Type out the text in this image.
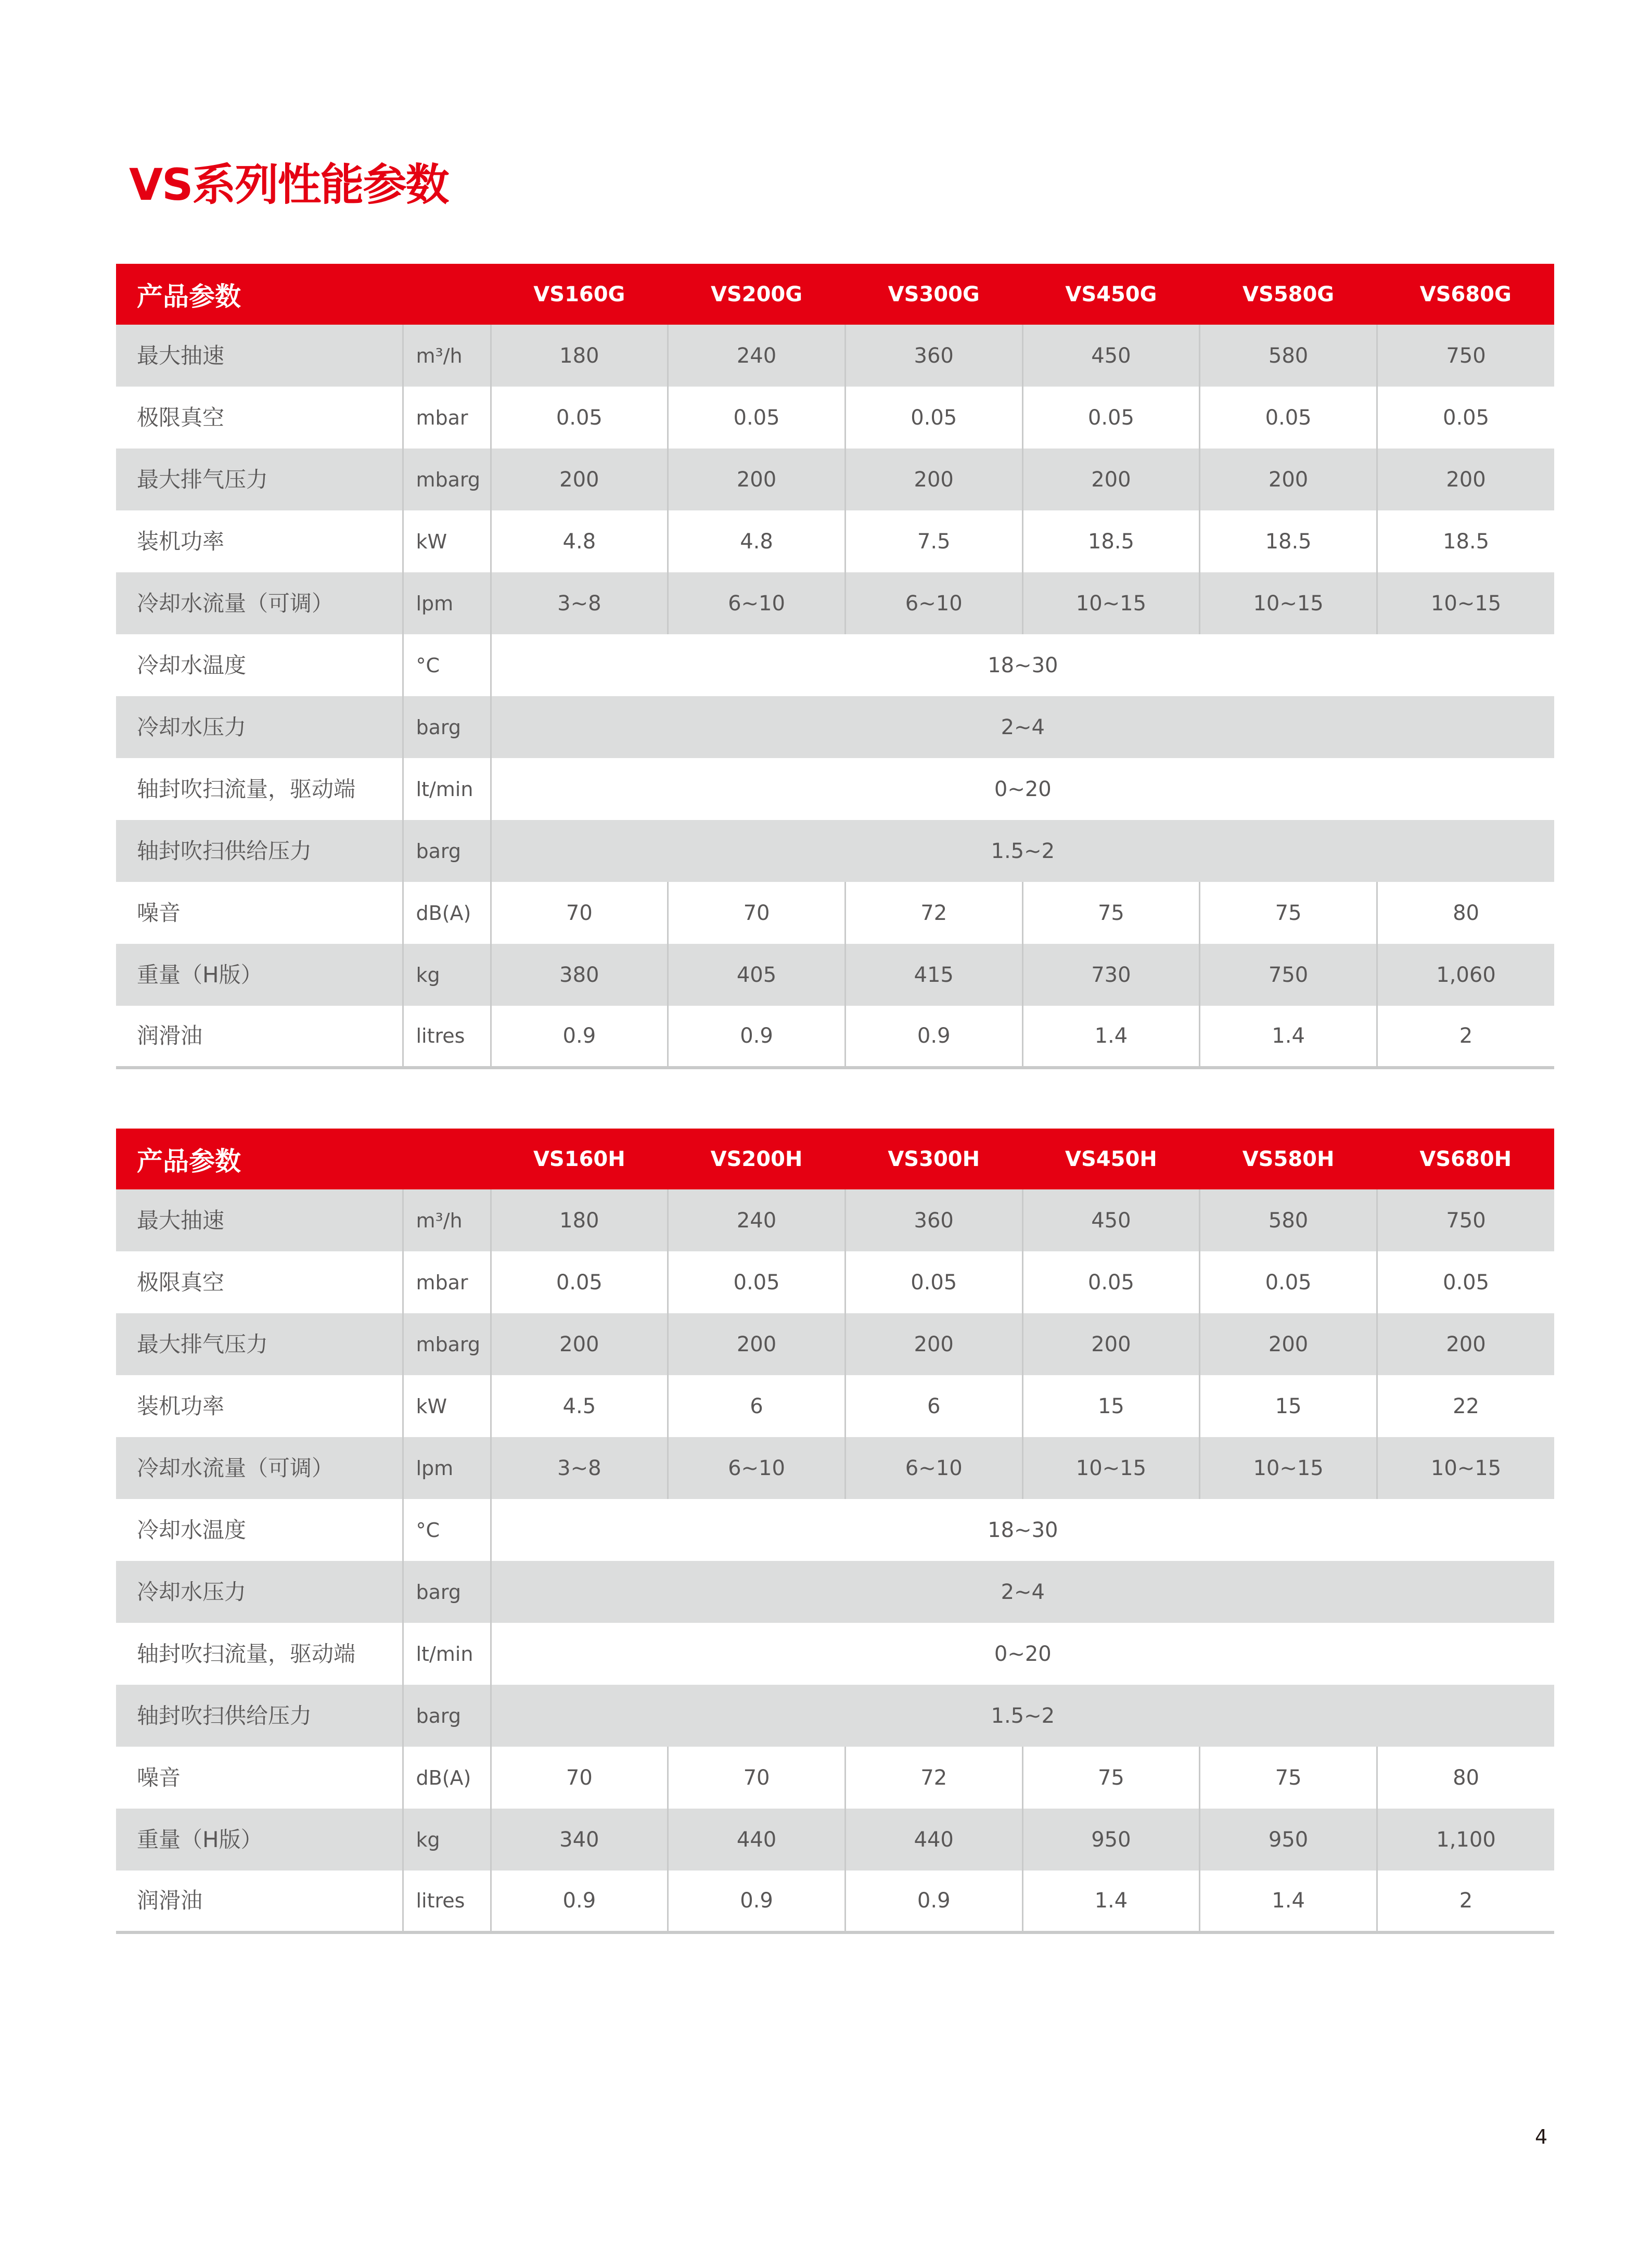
VS系列性能参数
产品参数		VS160G	VS200G	VS300G	VS450G	VS580G	VS680G
最大抽速	m³/h	180	240	360	450	580	750
极限真空	mbar	0.05	0.05	0.05	0.05	0.05	0.05
最大排气压力	mbarg	200	200	200	200	200	200
装机功率	kW	4.8	4.8	7.5	18.5	18.5	18.5
冷却水流量（可调）	lpm	3~8	6~10	6~10	10~15	10~15	10~15
冷却水温度	°C	18~30					
冷却水压力	barg	2~4					
轴封吹扫流量，驱动端	lt/min	0~20					
轴封吹扫供给压力	barg	1.5~2					
噪音	dB(A)	70	70	72	75	75	80
重量（H版）	kg	380	405	415	730	750	1,060
润滑油	litres	0.9	0.9	0.9	1.4	1.4	2
产品参数		VS160H	VS200H	VS300H	VS450H	VS580H	VS680H
最大抽速	m³/h	180	240	360	450	580	750
极限真空	mbar	0.05	0.05	0.05	0.05	0.05	0.05
最大排气压力	mbarg	200	200	200	200	200	200
装机功率	kW	4.5	6	6	15	15	22
冷却水流量（可调）	lpm	3~8	6~10	6~10	10~15	10~15	10~15
冷却水温度	°C	18~30					
冷却水压力	barg	2~4					
轴封吹扫流量，驱动端	lt/min	0~20					
轴封吹扫供给压力	barg	1.5~2					
噪音	dB(A)	70	70	72	75	75	80
重量（H版）	kg	340	440	440	950	950	1,100
润滑油	litres	0.9	0.9	0.9	1.4	1.4	2
4
